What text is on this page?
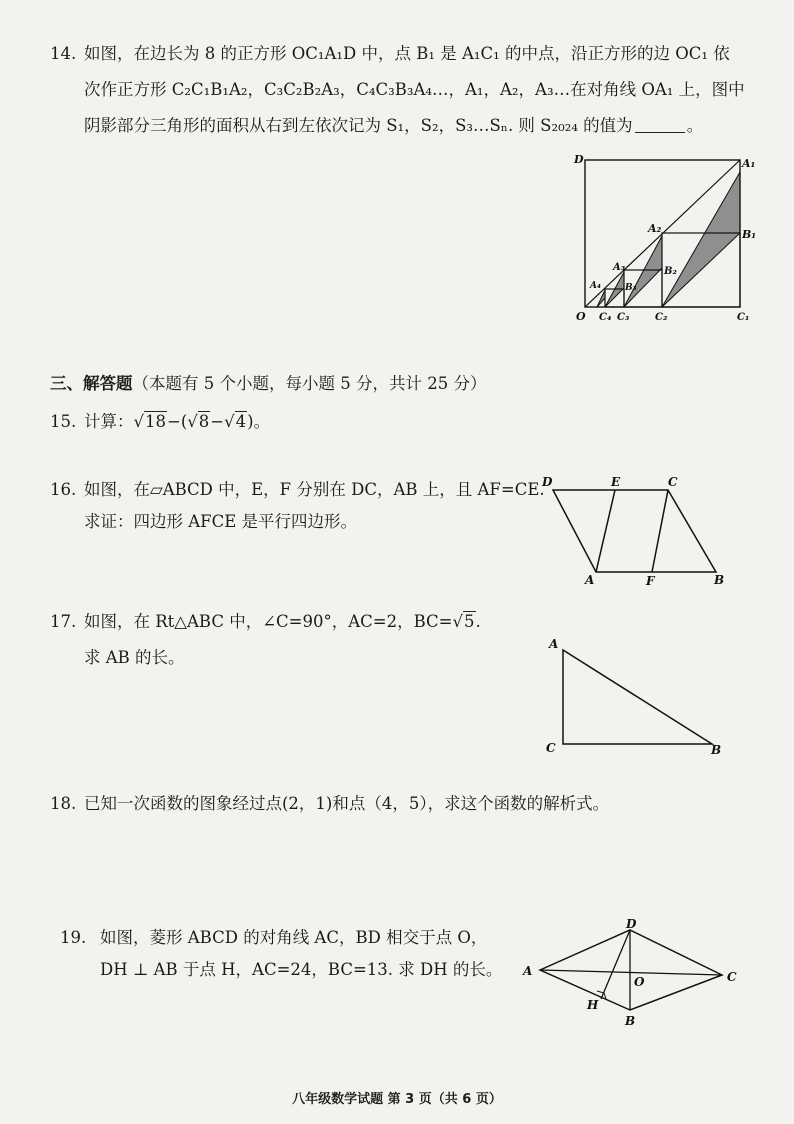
14. 如图，在边长为 8 的正方形 OC₁A₁D 中，点 B₁ 是 A₁C₁ 的中点，沿正方形的边 OC₁ 依
次作正方形 C₂C₁B₁A₂，C₃C₂B₂A₃，C₄C₃B₃A₄…，A₁，A₂，A₃…在对角线 OA₁ 上，图中
阴影部分三角形的面积从右到左依次记为 S₁，S₂，S₃…Sₙ. 则 S₂₀₂₄ 的值为	。
D	A₁
A₂	B₁
A₃	B₂
A₄	B₃
O C₄ C₃	C₂	C₁
三、解答题（本题有 5 个小题，每小题 5 分，共计 25 分）
15. 计算：√18−(√8−√4)。
16. 如图，在▱ABCD 中，E，F 分别在 DC，AB 上，且 AF=CE.
求证：四边形 AFCE 是平行四边形。
D	E	C
A	F	B
17. 如图，在 Rt△ABC 中，∠C=90°，AC=2，BC=√5.
求 AB 的长。
A
C	B
18. 已知一次函数的图象经过点(2，1)和点（4，5），求这个函数的解析式。
19. 如图，菱形 ABCD 的对角线 AC，BD 相交于点 O，
DH ⊥ AB 于点 H，AC=24，BC=13. 求 DH 的长。
D
A
O	C
H
B
八年级数学试题 第 3 页（共 6 页）
